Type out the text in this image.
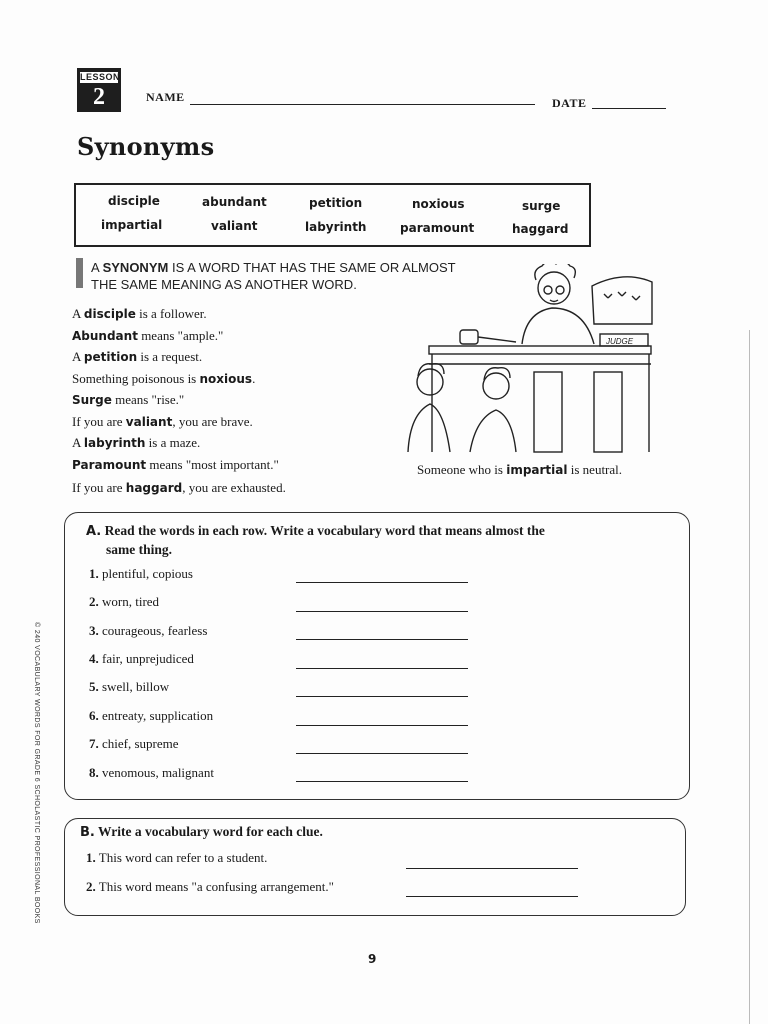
LESSON
2	NAME	DATE
Synonyms
disciple	abundant	petition	noxious	surge
impartial	valiant	labyrinth	paramount	haggard
A SYNONYM IS A WORD THAT HAS THE SAME OR ALMOST
THE SAME MEANING AS ANOTHER WORD.
A disciple is a follower.
Abundant means "ample."
A petition is a request.
Something poisonous is noxious.
Surge means "rise."
If you are valiant, you are brave.
A labyrinth is a maze.
Paramount means "most important."
If you are haggard, you are exhausted.
JUDGE
Someone who is impartial is neutral.
A. Read the words in each row. Write a vocabulary word that means almost the
same thing.
1. plentiful, copious
2. worn, tired
3. courageous, fearless
4. fair, unprejudiced
5. swell, billow
6. entreaty, supplication
7. chief, supreme
8. venomous, malignant
B. Write a vocabulary word for each clue.
1. This word can refer to a student.
2. This word means "a confusing arrangement."
© 240 VOCABULARY WORDS FOR GRADE 6 SCHOLASTIC PROFESSIONAL BOOKS
9
